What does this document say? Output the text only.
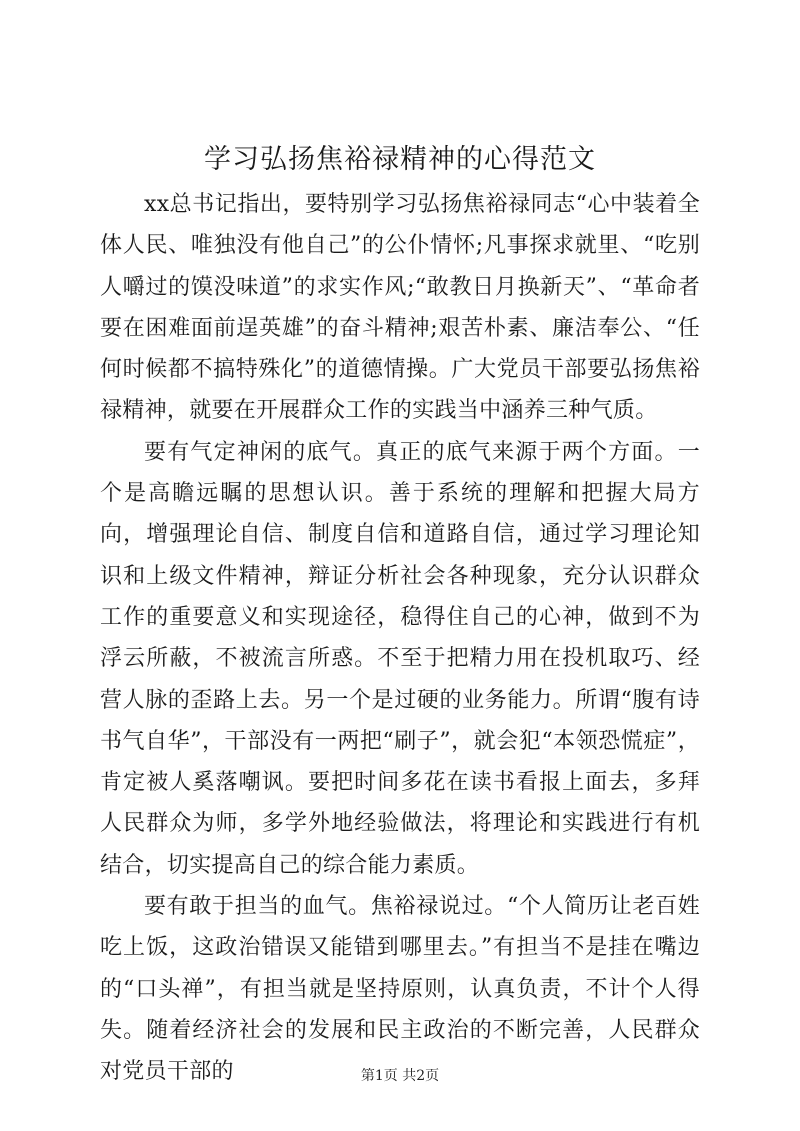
学习弘扬焦裕禄精神的心得范文

xx总书记指出，要特别学习弘扬焦裕禄同志“心中装着全体人民、唯独没有他自己”的公仆情怀;凡事探求就里、“吃别人嚼过的馍没味道”的求实作风;“敢教日月换新天”、“革命者要在困难面前逞英雄”的奋斗精神;艰苦朴素、廉洁奉公、“任何时候都不搞特殊化”的道德情操。广大党员干部要弘扬焦裕禄精神，就要在开展群众工作的实践当中涵养三种气质。

要有气定神闲的底气。真正的底气来源于两个方面。一个是高瞻远瞩的思想认识。善于系统的理解和把握大局方向，增强理论自信、制度自信和道路自信，通过学习理论知识和上级文件精神，辩证分析社会各种现象，充分认识群众工作的重要意义和实现途径，稳得住自己的心神，做到不为浮云所蔽，不被流言所惑。不至于把精力用在投机取巧、经营人脉的歪路上去。另一个是过硬的业务能力。所谓“腹有诗书气自华”，干部没有一两把“刷子”，就会犯“本领恐慌症”，肯定被人奚落嘲讽。要把时间多花在读书看报上面去，多拜人民群众为师，多学外地经验做法，将理论和实践进行有机结合，切实提高自己的综合能力素质。

要有敢于担当的血气。焦裕禄说过。“个人简历让老百姓吃上饭，这政治错误又能错到哪里去。”有担当不是挂在嘴边的“口头禅”，有担当就是坚持原则，认真负责，不计个人得失。随着经济社会的发展和民主政治的不断完善，人民群众对党员干部的	第1页 共2页
